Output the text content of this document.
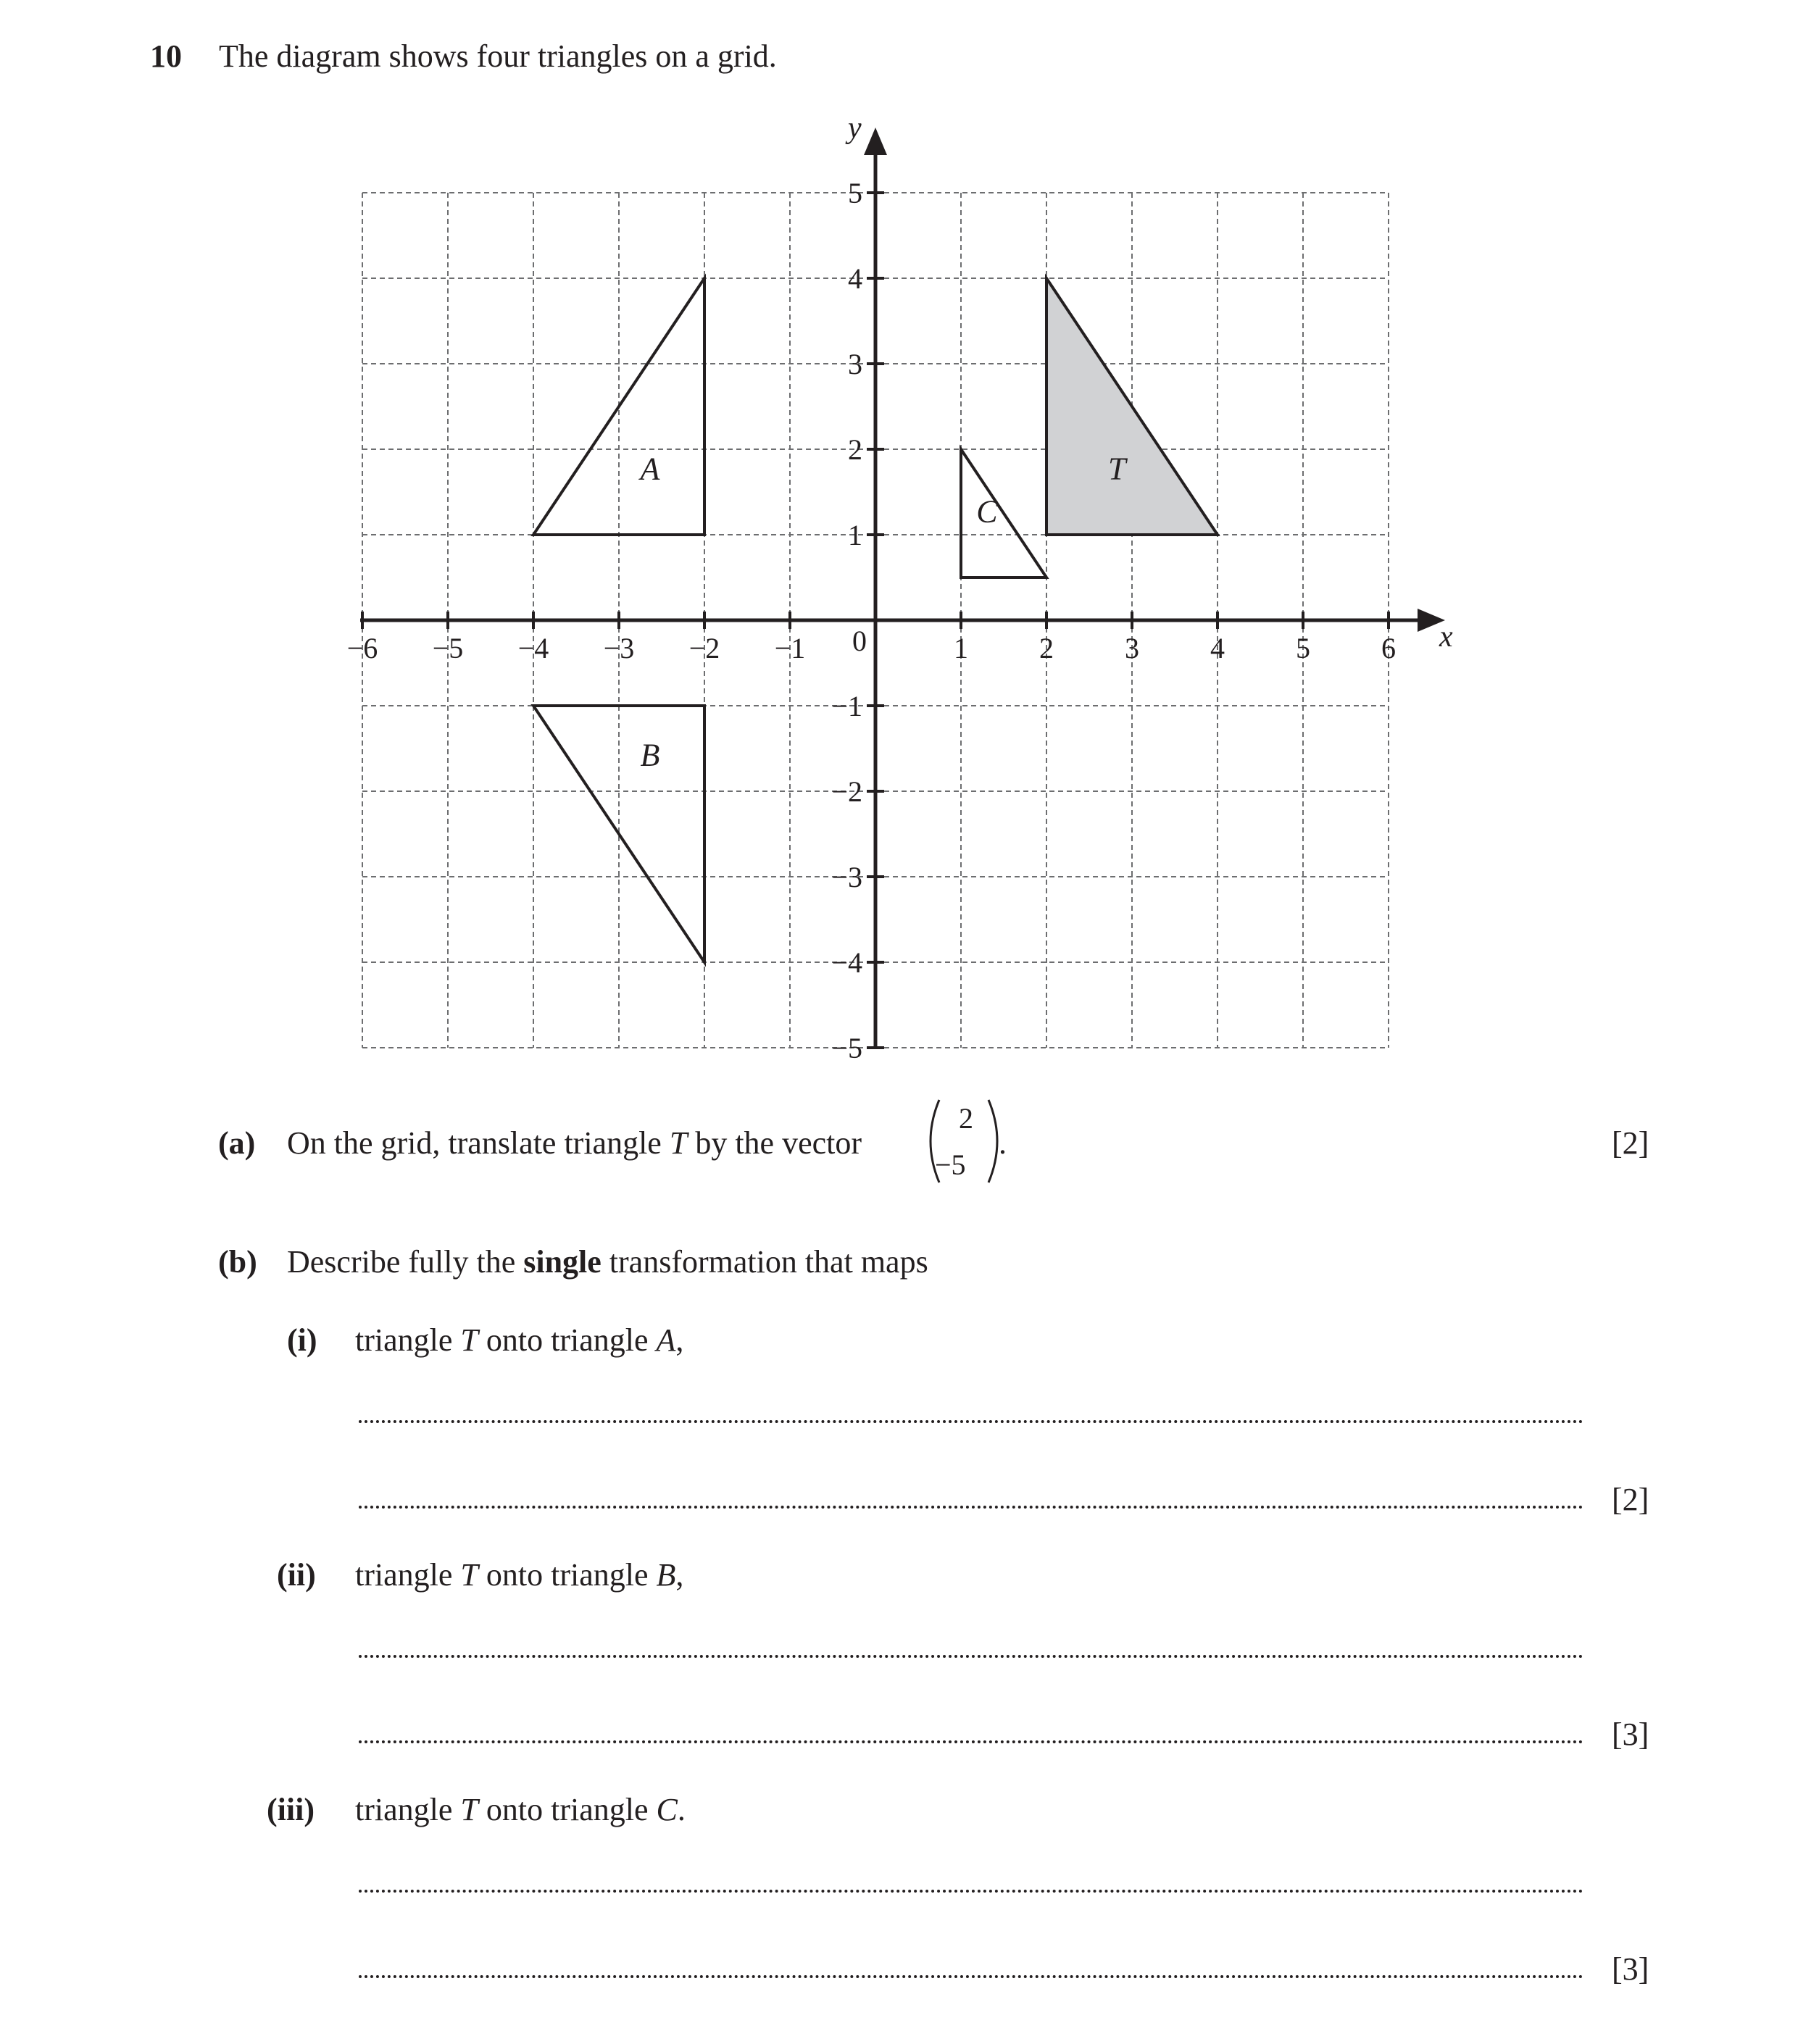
10 The diagram shows four triangles on a grid.
A
B
C
T
x
y
0
−6 −5 −4 −3 −2 −1	1 2 3 4 5 6
5
4
3
2
1
−1
−2
−3
−4
−5
(a) On the grid, translate triangle T by the vector
2
−5
.	[2]
(b) Describe fully the single transformation that maps
(i) triangle T onto triangle A,
[2]
(ii) triangle T onto triangle B,
[3]
(iii) triangle T onto triangle C.
[3]
